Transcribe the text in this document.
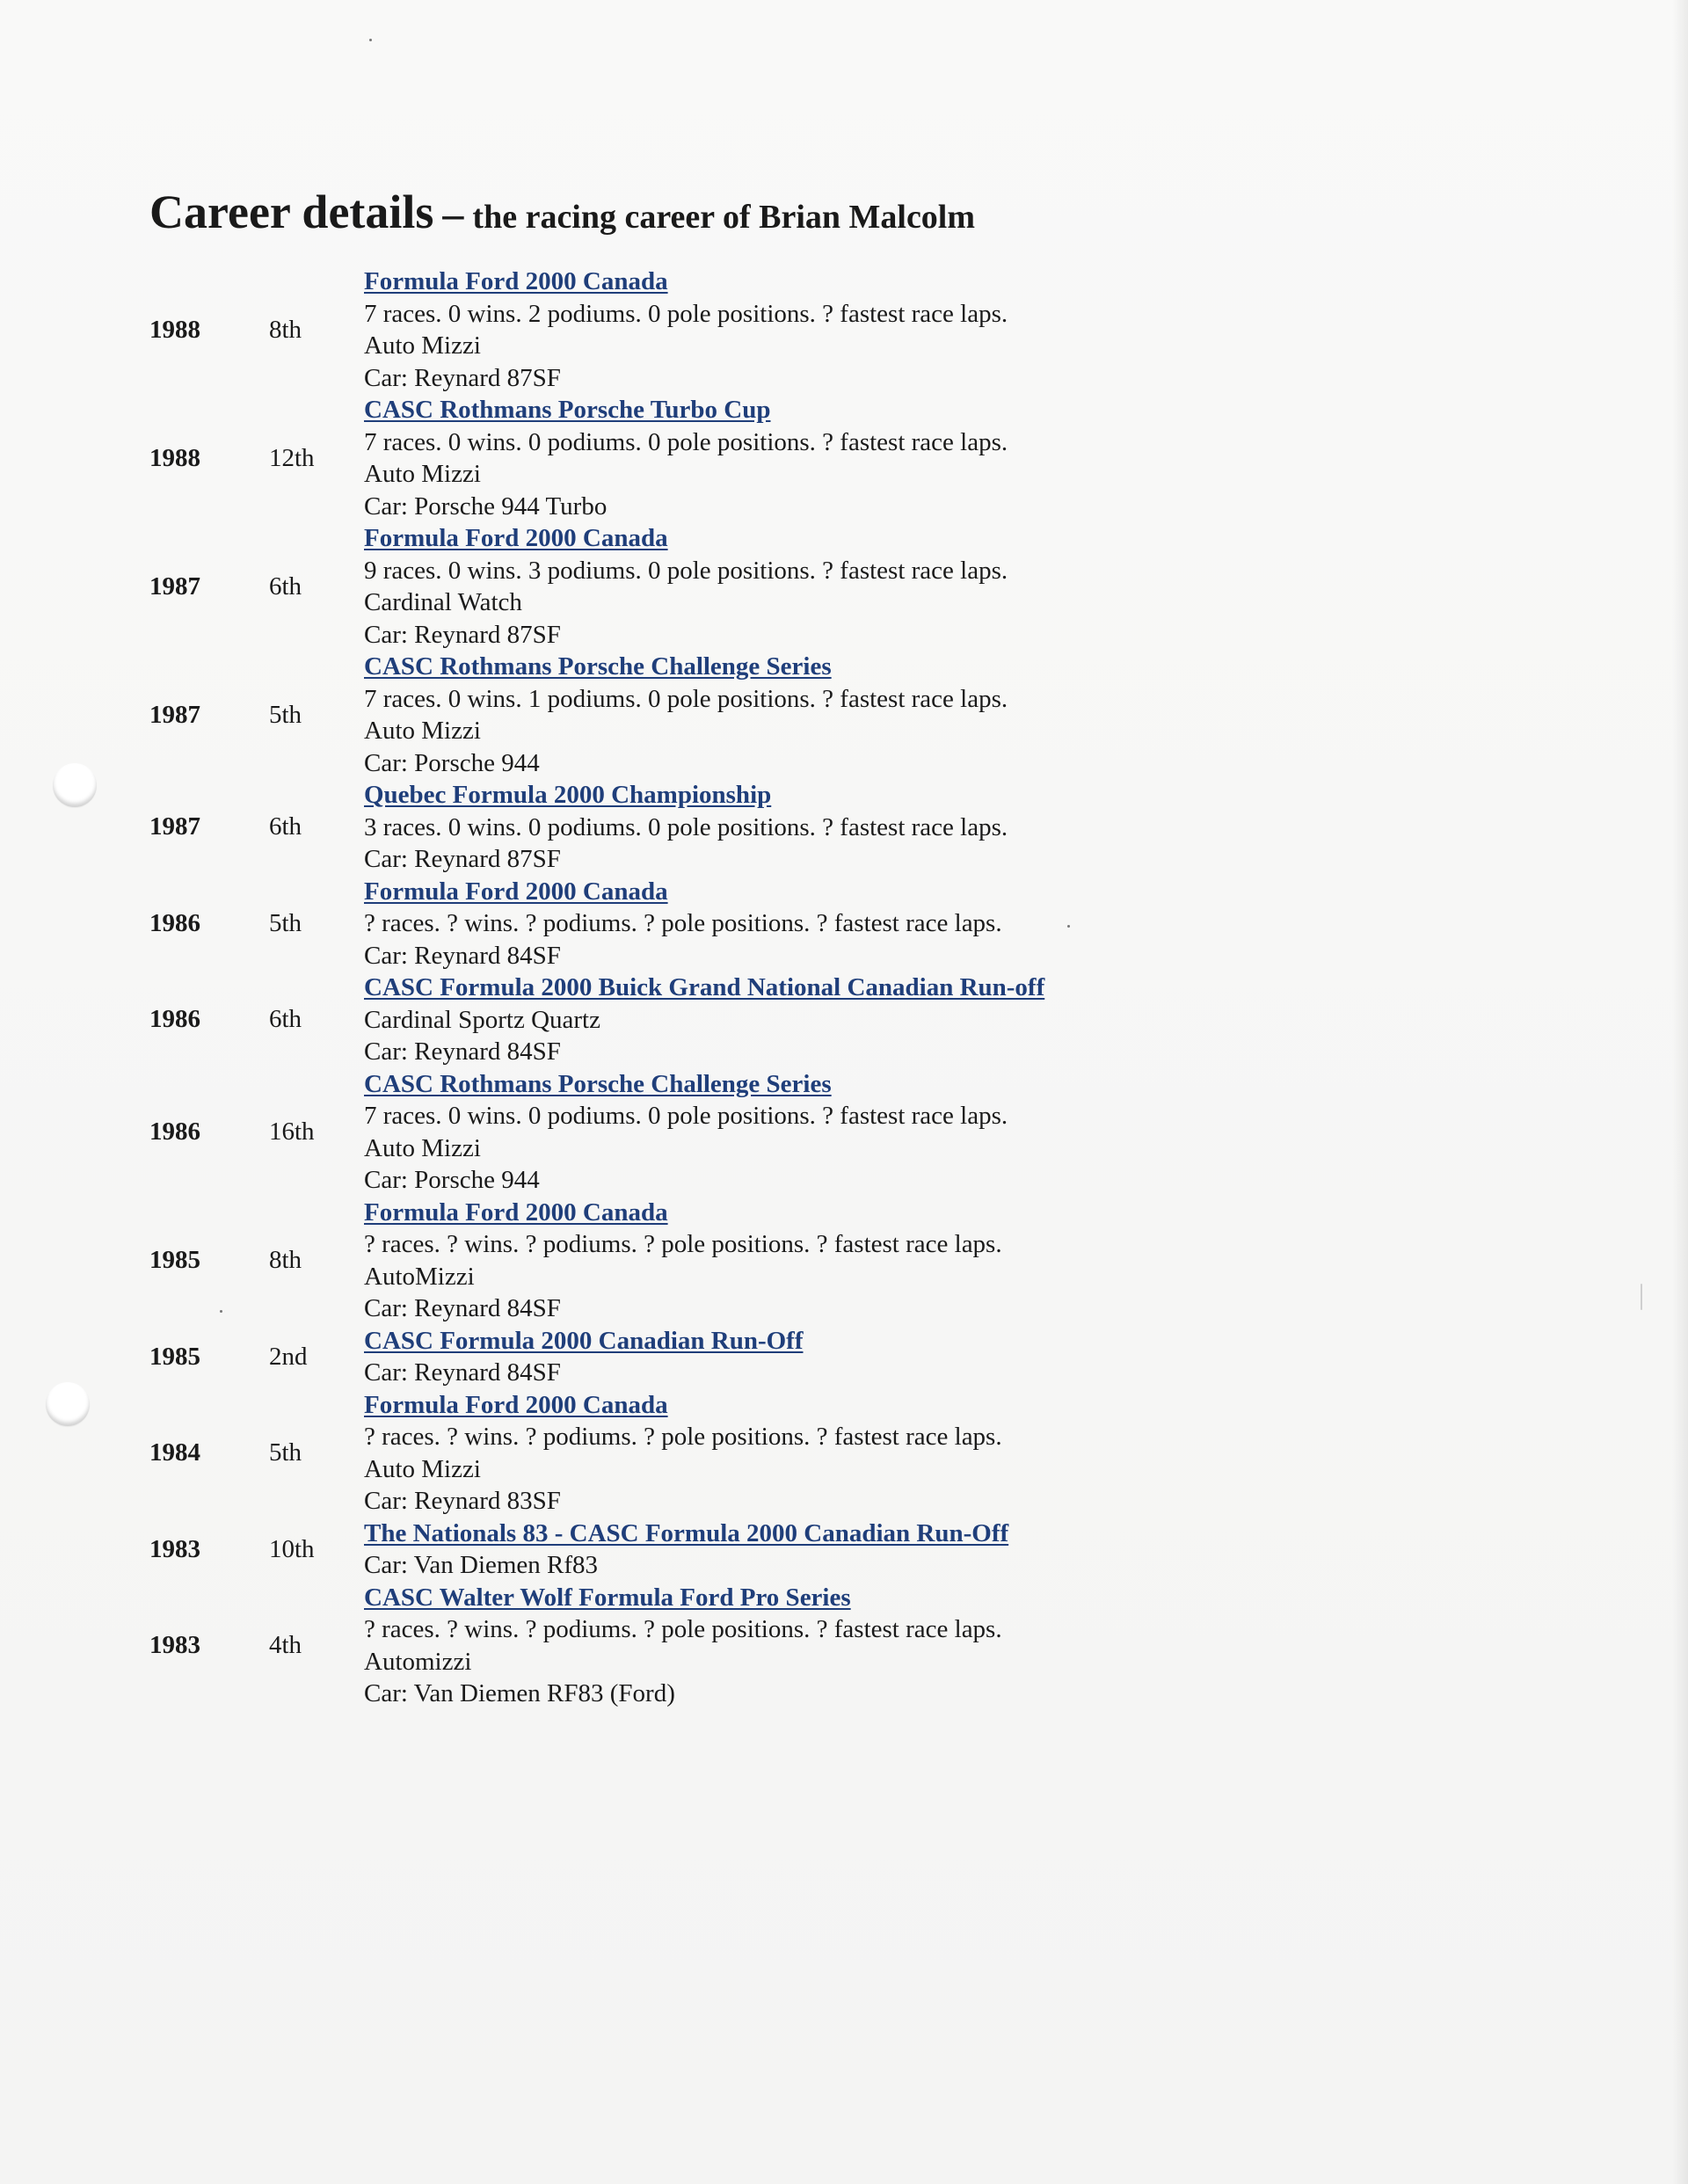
Career details – the racing career of Brian Malcolm
1988	8th
Formula Ford 2000 Canada
7 races. 0 wins. 2 podiums. 0 pole positions. ? fastest race laps.
Auto Mizzi
Car: Reynard 87SF
1988	12th
CASC Rothmans Porsche Turbo Cup
7 races. 0 wins. 0 podiums. 0 pole positions. ? fastest race laps.
Auto Mizzi
Car: Porsche 944 Turbo
1987	6th
Formula Ford 2000 Canada
9 races. 0 wins. 3 podiums. 0 pole positions. ? fastest race laps.
Cardinal Watch
Car: Reynard 87SF
1987	5th
CASC Rothmans Porsche Challenge Series
7 races. 0 wins. 1 podiums. 0 pole positions. ? fastest race laps.
Auto Mizzi
Car: Porsche 944
1987	6th
Quebec Formula 2000 Championship
3 races. 0 wins. 0 podiums. 0 pole positions. ? fastest race laps.
Car: Reynard 87SF
1986	5th
Formula Ford 2000 Canada
? races. ? wins. ? podiums. ? pole positions. ? fastest race laps.
Car: Reynard 84SF
1986	6th
CASC Formula 2000 Buick Grand National Canadian Run-off
Cardinal Sportz Quartz
Car: Reynard 84SF
1986	16th
CASC Rothmans Porsche Challenge Series
7 races. 0 wins. 0 podiums. 0 pole positions. ? fastest race laps.
Auto Mizzi
Car: Porsche 944
1985	8th
Formula Ford 2000 Canada
? races. ? wins. ? podiums. ? pole positions. ? fastest race laps.
AutoMizzi
Car: Reynard 84SF
1985	2nd
CASC Formula 2000 Canadian Run-Off
Car: Reynard 84SF
1984	5th
Formula Ford 2000 Canada
? races. ? wins. ? podiums. ? pole positions. ? fastest race laps.
Auto Mizzi
Car: Reynard 83SF
1983	10th
The Nationals 83 - CASC Formula 2000 Canadian Run-Off
Car: Van Diemen Rf83
1983	4th
CASC Walter Wolf Formula Ford Pro Series
? races. ? wins. ? podiums. ? pole positions. ? fastest race laps.
Automizzi
Car: Van Diemen RF83 (Ford)
